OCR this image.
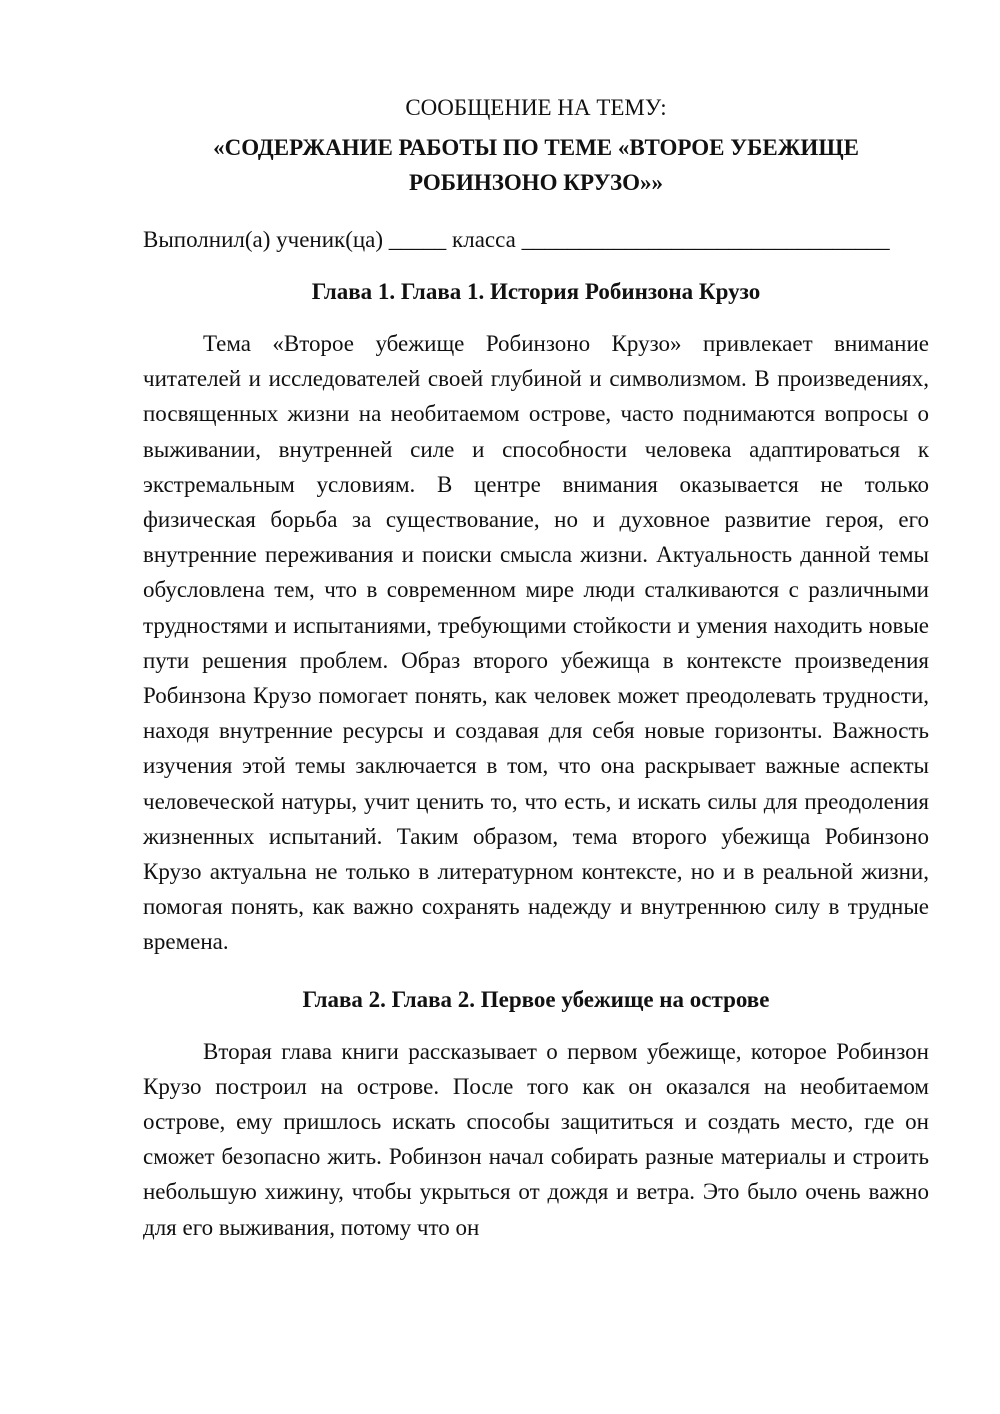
СООБЩЕНИЕ НА ТЕМУ:

«СОДЕРЖАНИЕ РАБОТЫ ПО ТЕМЕ «ВТОРОЕ УБЕЖИЩЕ РОБИНЗОНО КРУЗО»»

Выполнил(а) ученик(ца) _____ класса ________________________________

Глава 1. Глава 1. История Робинзона Крузо

Тема «Второе убежище Робинзоно Крузо» привлекает внимание читателей и исследователей своей глубиной и символизмом. В произведениях, посвященных жизни на необитаемом острове, часто поднимаются вопросы о выживании, внутренней силе и способности человека адаптироваться к экстремальным условиям. В центре внимания оказывается не только физическая борьба за существование, но и духовное развитие героя, его внутренние переживания и поиски смысла жизни. Актуальность данной темы обусловлена тем, что в современном мире люди сталкиваются с различными трудностями и испытаниями, требующими стойкости и умения находить новые пути решения проблем. Образ второго убежища в контексте произведения Робинзона Крузо помогает понять, как человек может преодолевать трудности, находя внутренние ресурсы и создавая для себя новые горизонты. Важность изучения этой темы заключается в том, что она раскрывает важные аспекты человеческой натуры, учит ценить то, что есть, и искать силы для преодоления жизненных испытаний. Таким образом, тема второго убежища Робинзоно Крузо актуальна не только в литературном контексте, но и в реальной жизни, помогая понять, как важно сохранять надежду и внутреннюю силу в трудные времена.

Глава 2. Глава 2. Первое убежище на острове

Вторая глава книги рассказывает о первом убежище, которое Робинзон Крузо построил на острове. После того как он оказался на необитаемом острове, ему пришлось искать способы защититься и создать место, где он сможет безопасно жить. Робинзон начал собирать разные материалы и строить небольшую хижину, чтобы укрыться от дождя и ветра. Это было очень важно для его выживания, потому что он
